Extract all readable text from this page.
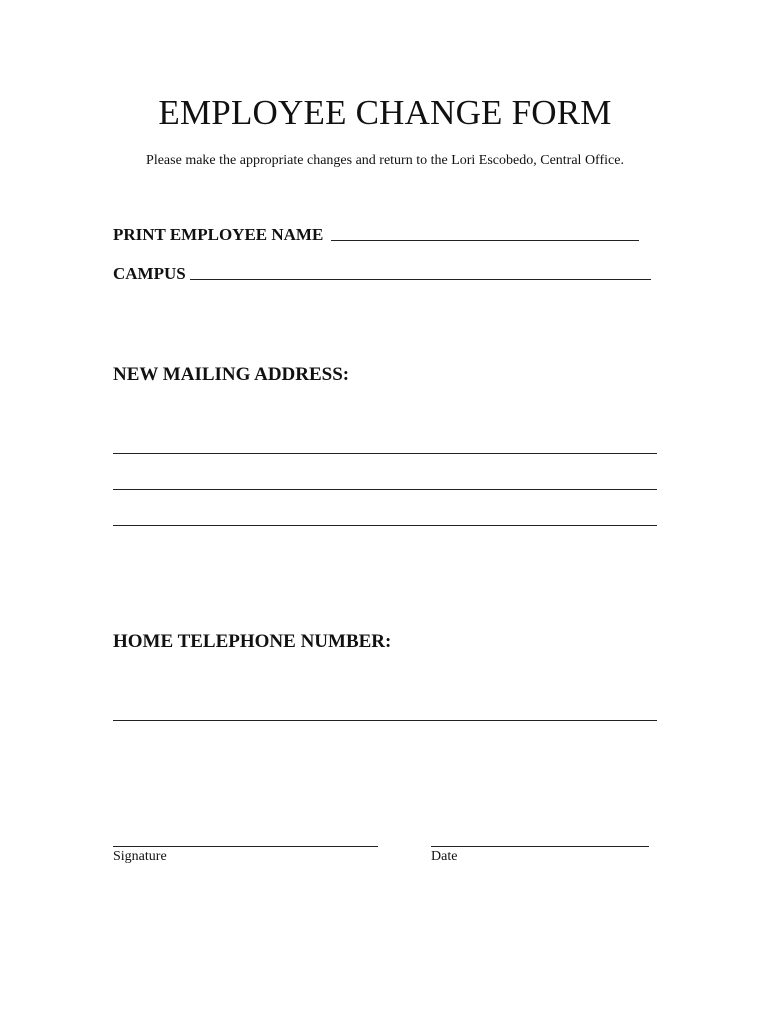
EMPLOYEE CHANGE FORM

Please make the appropriate changes and return to the Lori Escobedo, Central Office.

PRINT EMPLOYEE NAME
CAMPUS
NEW MAILING ADDRESS:
HOME TELEPHONE NUMBER:
Signature	Date
